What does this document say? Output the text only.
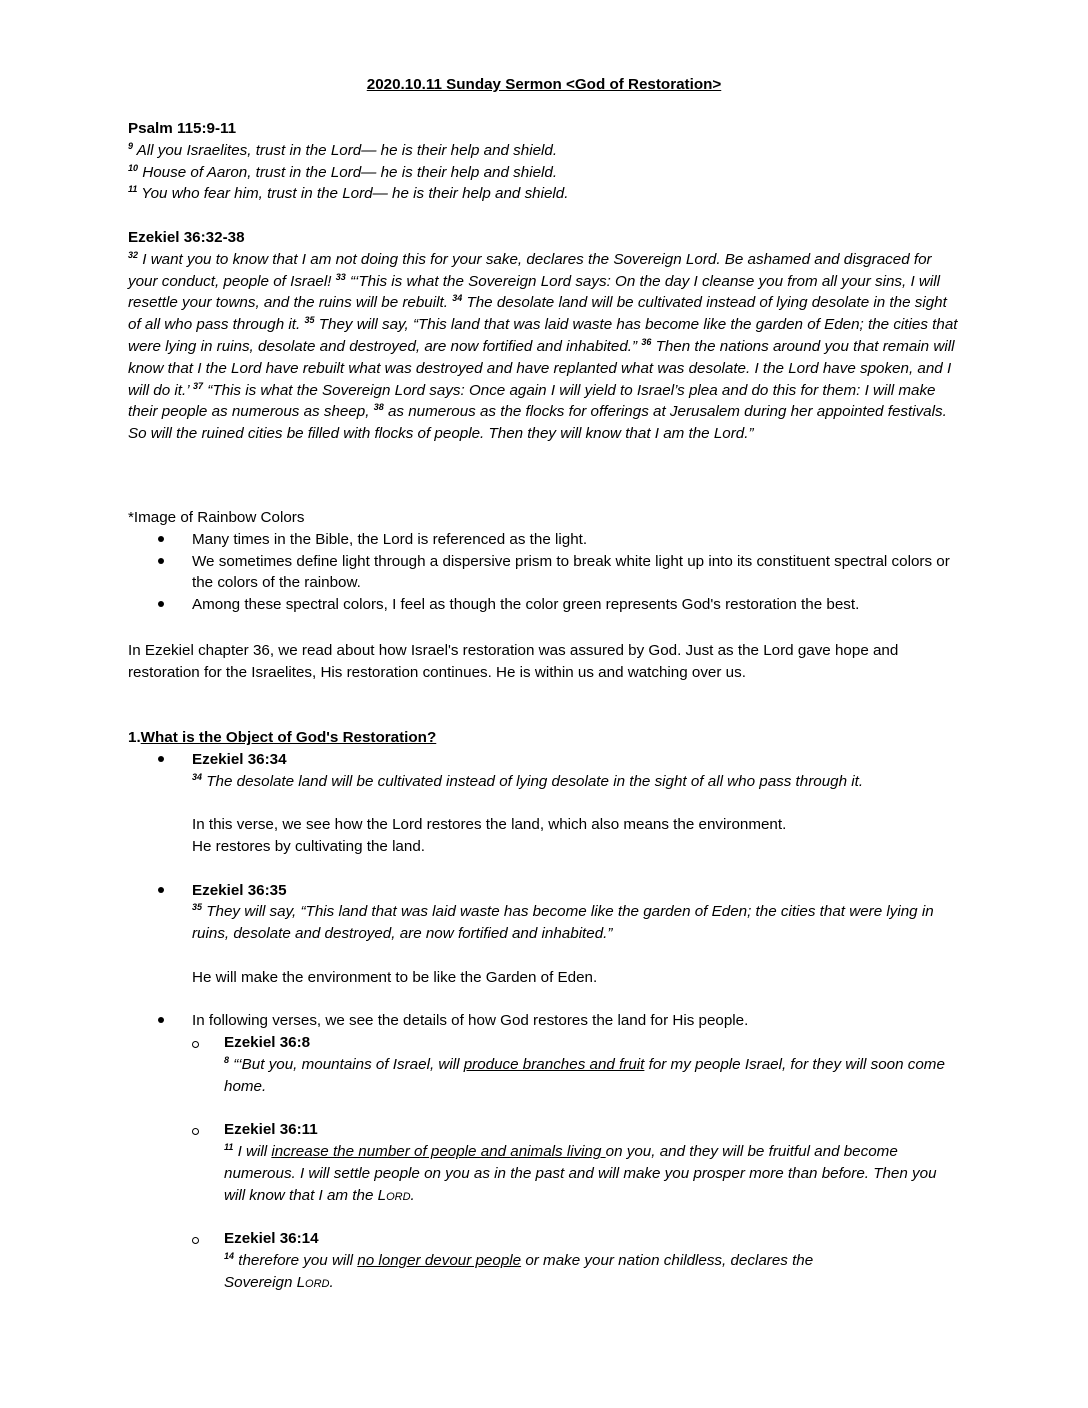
2020.10.11 Sunday Sermon <God of Restoration>

Psalm 115:9-11

$^9$ All you Israelites, trust in the Lord— he is their help and shield.

$^{10}$ House of Aaron, trust in the Lord— he is their help and shield.

$^{11}$ You who fear him, trust in the Lord— he is their help and shield.

Ezekiel 36:32-38

$^{32}$ I want you to know that I am not doing this for your sake, declares the Sovereign Lord. Be ashamed and disgraced for your conduct, people of Israel! $^{33}$ “‘This is what the Sovereign Lord says: On the day I cleanse you from all your sins, I will resettle your towns, and the ruins will be rebuilt. $^{34}$ The desolate land will be cultivated instead of lying desolate in the sight of all who pass through it. $^{35}$ They will say, “This land that was laid waste has become like the garden of Eden; the cities that were lying in ruins, desolate and destroyed, are now fortified and inhabited.” $^{36}$ Then the nations around you that remain will know that I the Lord have rebuilt what was destroyed and have replanted what was desolate. I the Lord have spoken, and I will do it.’ $^{37}$ “This is what the Sovereign Lord says: Once again I will yield to Israel’s plea and do this for them: I will make their people as numerous as sheep, $^{38}$ as numerous as the flocks for offerings at Jerusalem during her appointed festivals. So will the ruined cities be filled with flocks of people. Then they will know that I am the Lord.”

*Image of Rainbow Colors

Many times in the Bible, the Lord is referenced as the light.
We sometimes define light through a dispersive prism to break white light up into its constituent spectral colors or the colors of the rainbow.
Among these spectral colors, I feel as though the color green represents God's restoration the best.

In Ezekiel chapter 36, we read about how Israel's restoration was assured by God. Just as the Lord gave hope and restoration for the Israelites, His restoration continues. He is within us and watching over us.

1.What is the Object of God's Restoration?

Ezekiel 36:34

$^{34}$ The desolate land will be cultivated instead of lying desolate in the sight of all who pass through it.

In this verse, we see how the Lord restores the land, which also means the environment.

He restores by cultivating the land.

Ezekiel 36:35

$^{35}$ They will say, “This land that was laid waste has become like the garden of Eden; the cities that were lying in ruins, desolate and destroyed, are now fortified and inhabited.”

He will make the environment to be like the Garden of Eden.

In following verses, we see the details of how God restores the land for His people.

Ezekiel 36:8

$^8$ “‘But you, mountains of Israel, will produce branches and fruit for my people Israel, for they will soon come home.

Ezekiel 36:11

$^{11}$ I will increase the number of people and animals living on you, and they will be fruitful and become numerous. I will settle people on you as in the past and will make you prosper more than before. Then you will know that I am the Lord.

Ezekiel 36:14

$^{14}$ therefore you will no longer devour people or make your nation childless, declares the
Sovereign Lord.
